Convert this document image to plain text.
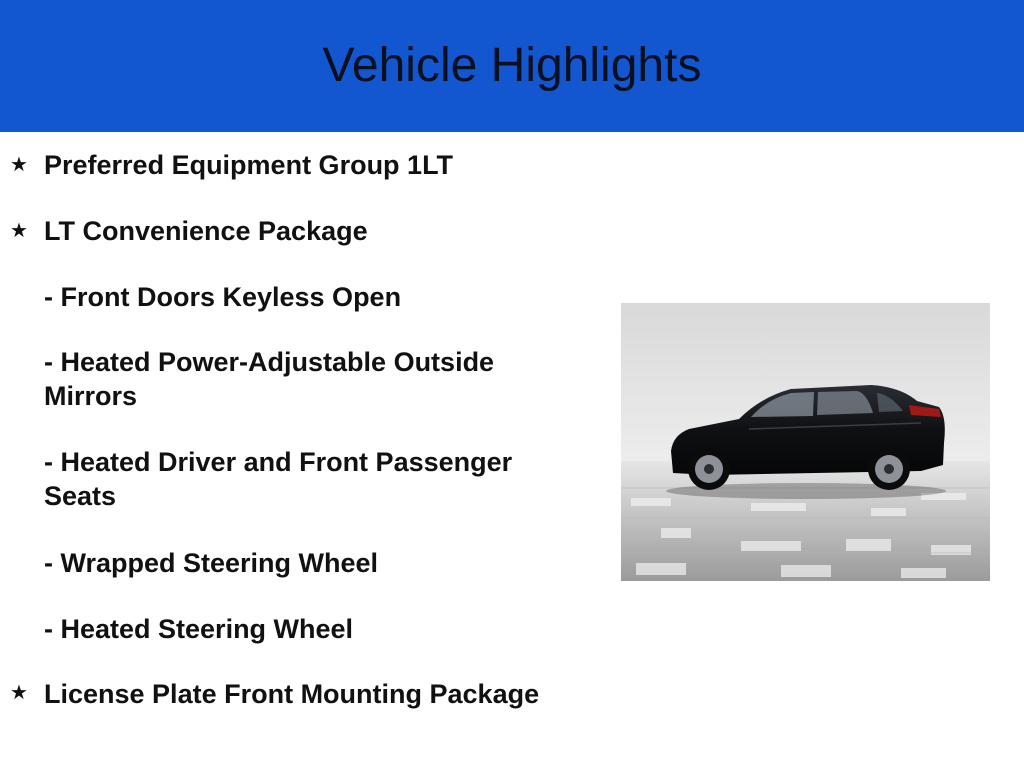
Vehicle Highlights
★ Preferred Equipment Group 1LT
★ LT Convenience Package
- Front Doors Keyless Open
- Heated Power-Adjustable Outside Mirrors
- Heated Driver and Front Passenger Seats
- Wrapped Steering Wheel
- Heated Steering Wheel
★ License Plate Front Mounting Package
